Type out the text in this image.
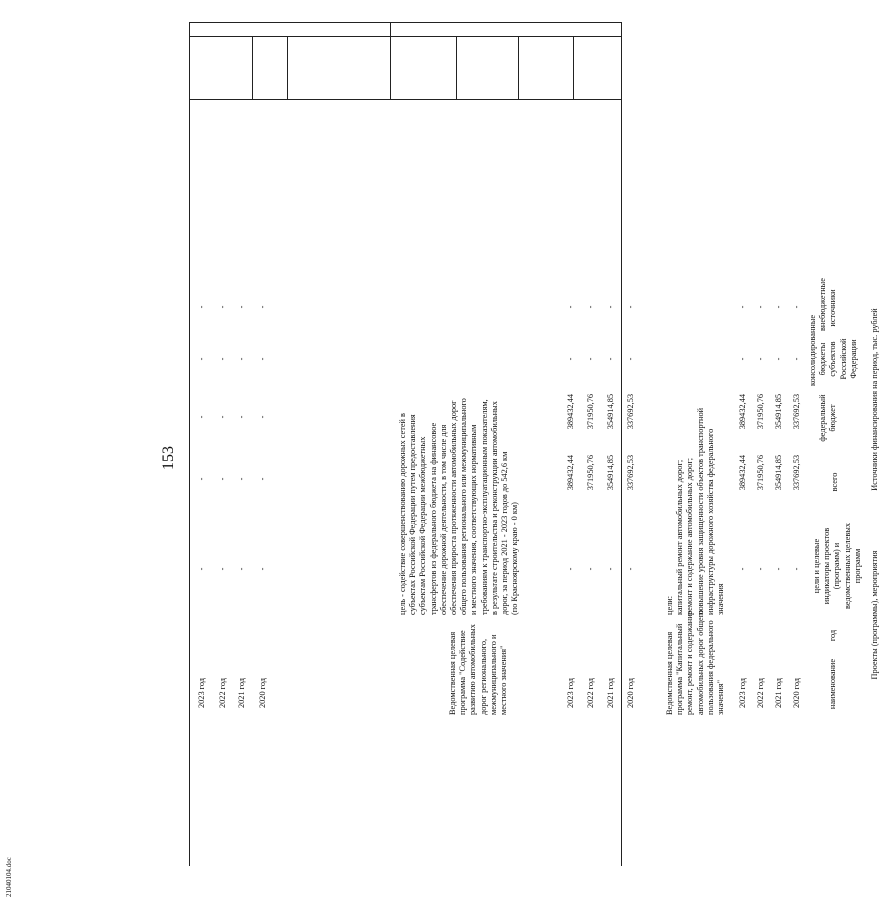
153
21040104.doc
Проекты (программы), мероприятия
Источники финансирования на период, тыс. рублей
наименование
год
цели и целевые индикаторы проектов (программ) и ведомственных целевых программ
всего
федеральный бюджет
консолидированные бюджеты субъектов Российской Федерации
внебюджетные источники
2020 год
-
337692,53
337692,53
-
-
2021 год
-
354914,85
354914,85
-
-
2022 год
-
371950,76
371950,76
-
-
2023 год
-
389432,44
389432,44
-
-
Ведомственная целевая программа "Капитальный ремонт, ремонт и содержание автомобильных дорог общего пользования федерального значения"
цели: капитальный ремонт автомобильных дорог; ремонт и содержание автомобильных дорог; повышение уровня защищенности объектов транспортной инфраструктуры дорожного хозяйства федерального значения
2020 год
-
337692,53
337692,53
-
-
2021 год
-
354914,85
354914,85
-
-
2022 год
-
371950,76
371950,76
-
-
2023 год
-
389432,44
389432,44
-
-
Ведомственная целевая программа "Содействие развитию автомобильных дорог регионального, межмуниципального и местного значения"
цель - содействие совершенствованию дорожных сетей в субъектах Российской Федерации путем предоставления субъектам Российской Федерации межбюджетных трансфертов из федерального бюджета на финансовое обеспечение дорожной деятельности, в том числе для обеспечения прироста протяженности автомобильных дорог общего пользования регионального или межмуниципального и местного значения, соответствующих нормативным требованиям к транспортно-эксплуатационным показателям, в результате строительства и реконструкции автомобильных дорог, за период 2021 - 2023 годов до 542,6 км (по Красноярскому краю - 0 км)
2020 год
-
-
-
-
-
2021 год
-
-
-
-
-
2022 год
-
-
-
-
-
2023 год
-
-
-
-
-
